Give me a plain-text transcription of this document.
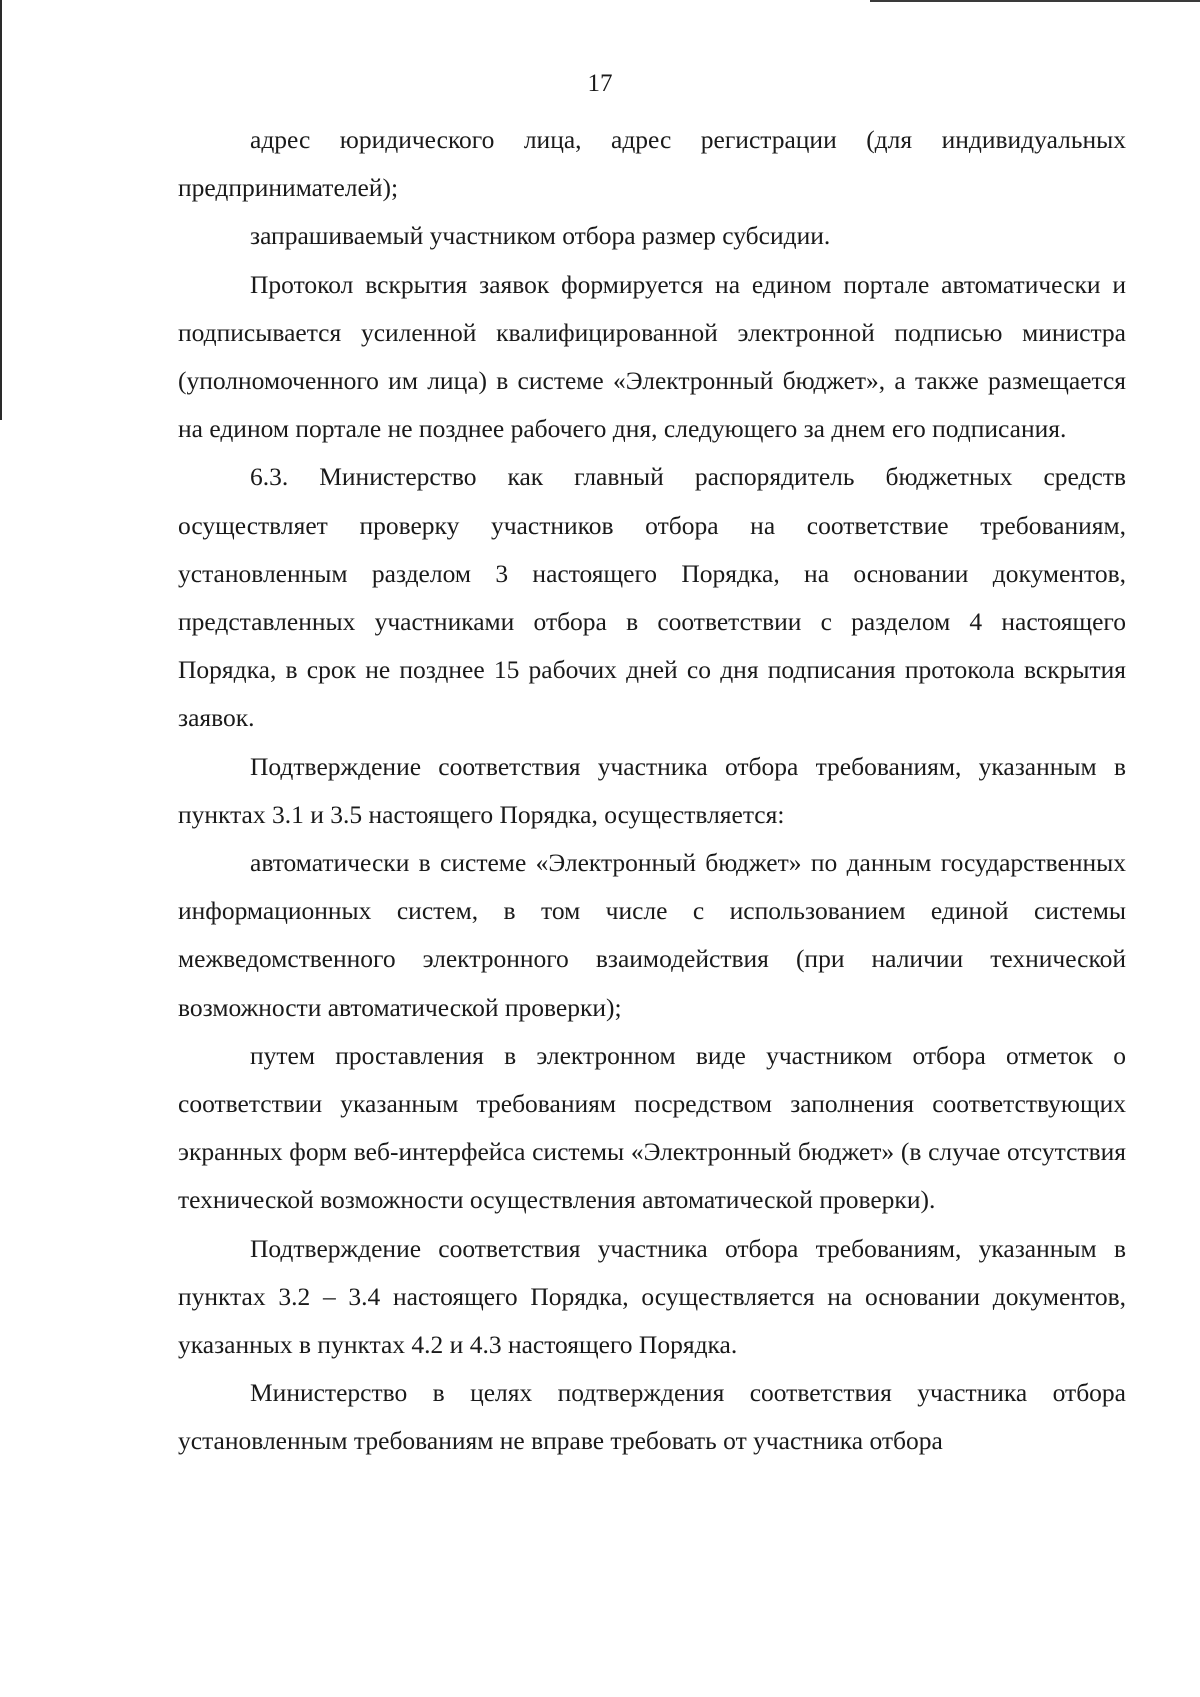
17

адрес юридического лица, адрес регистрации (для индивидуальных предпринимателей);

запрашиваемый участником отбора размер субсидии.

Протокол вскрытия заявок формируется на едином портале автоматически и подписывается усиленной квалифицированной электронной подписью министра (уполномоченного им лица) в системе «Электронный бюджет», а также размещается на едином портале не позднее рабочего дня, следующего за днем его подписания.

6.3. Министерство как главный распорядитель бюджетных средств осуществляет проверку участников отбора на соответствие требованиям, установленным разделом 3 настоящего Порядка, на основании документов, представленных участниками отбора в соответствии с разделом 4 настоящего Порядка, в срок не позднее 15 рабочих дней со дня подписания протокола вскрытия заявок.

Подтверждение соответствия участника отбора требованиям, указанным в пунктах 3.1 и 3.5 настоящего Порядка, осуществляется:

автоматически в системе «Электронный бюджет» по данным государственных информационных систем, в том числе с использованием единой системы межведомственного электронного взаимодействия (при наличии технической возможности автоматической проверки);

путем проставления в электронном виде участником отбора отметок о соответствии указанным требованиям посредством заполнения соответствующих экранных форм веб-интерфейса системы «Электронный бюджет» (в случае отсутствия технической возможности осуществления автоматической проверки).

Подтверждение соответствия участника отбора требованиям, указанным в пунктах 3.2 – 3.4 настоящего Порядка, осуществляется на основании документов, указанных в пунктах 4.2 и 4.3 настоящего Порядка.

Министерство в целях подтверждения соответствия участника отбора установленным требованиям не вправе требовать от участника отбора
